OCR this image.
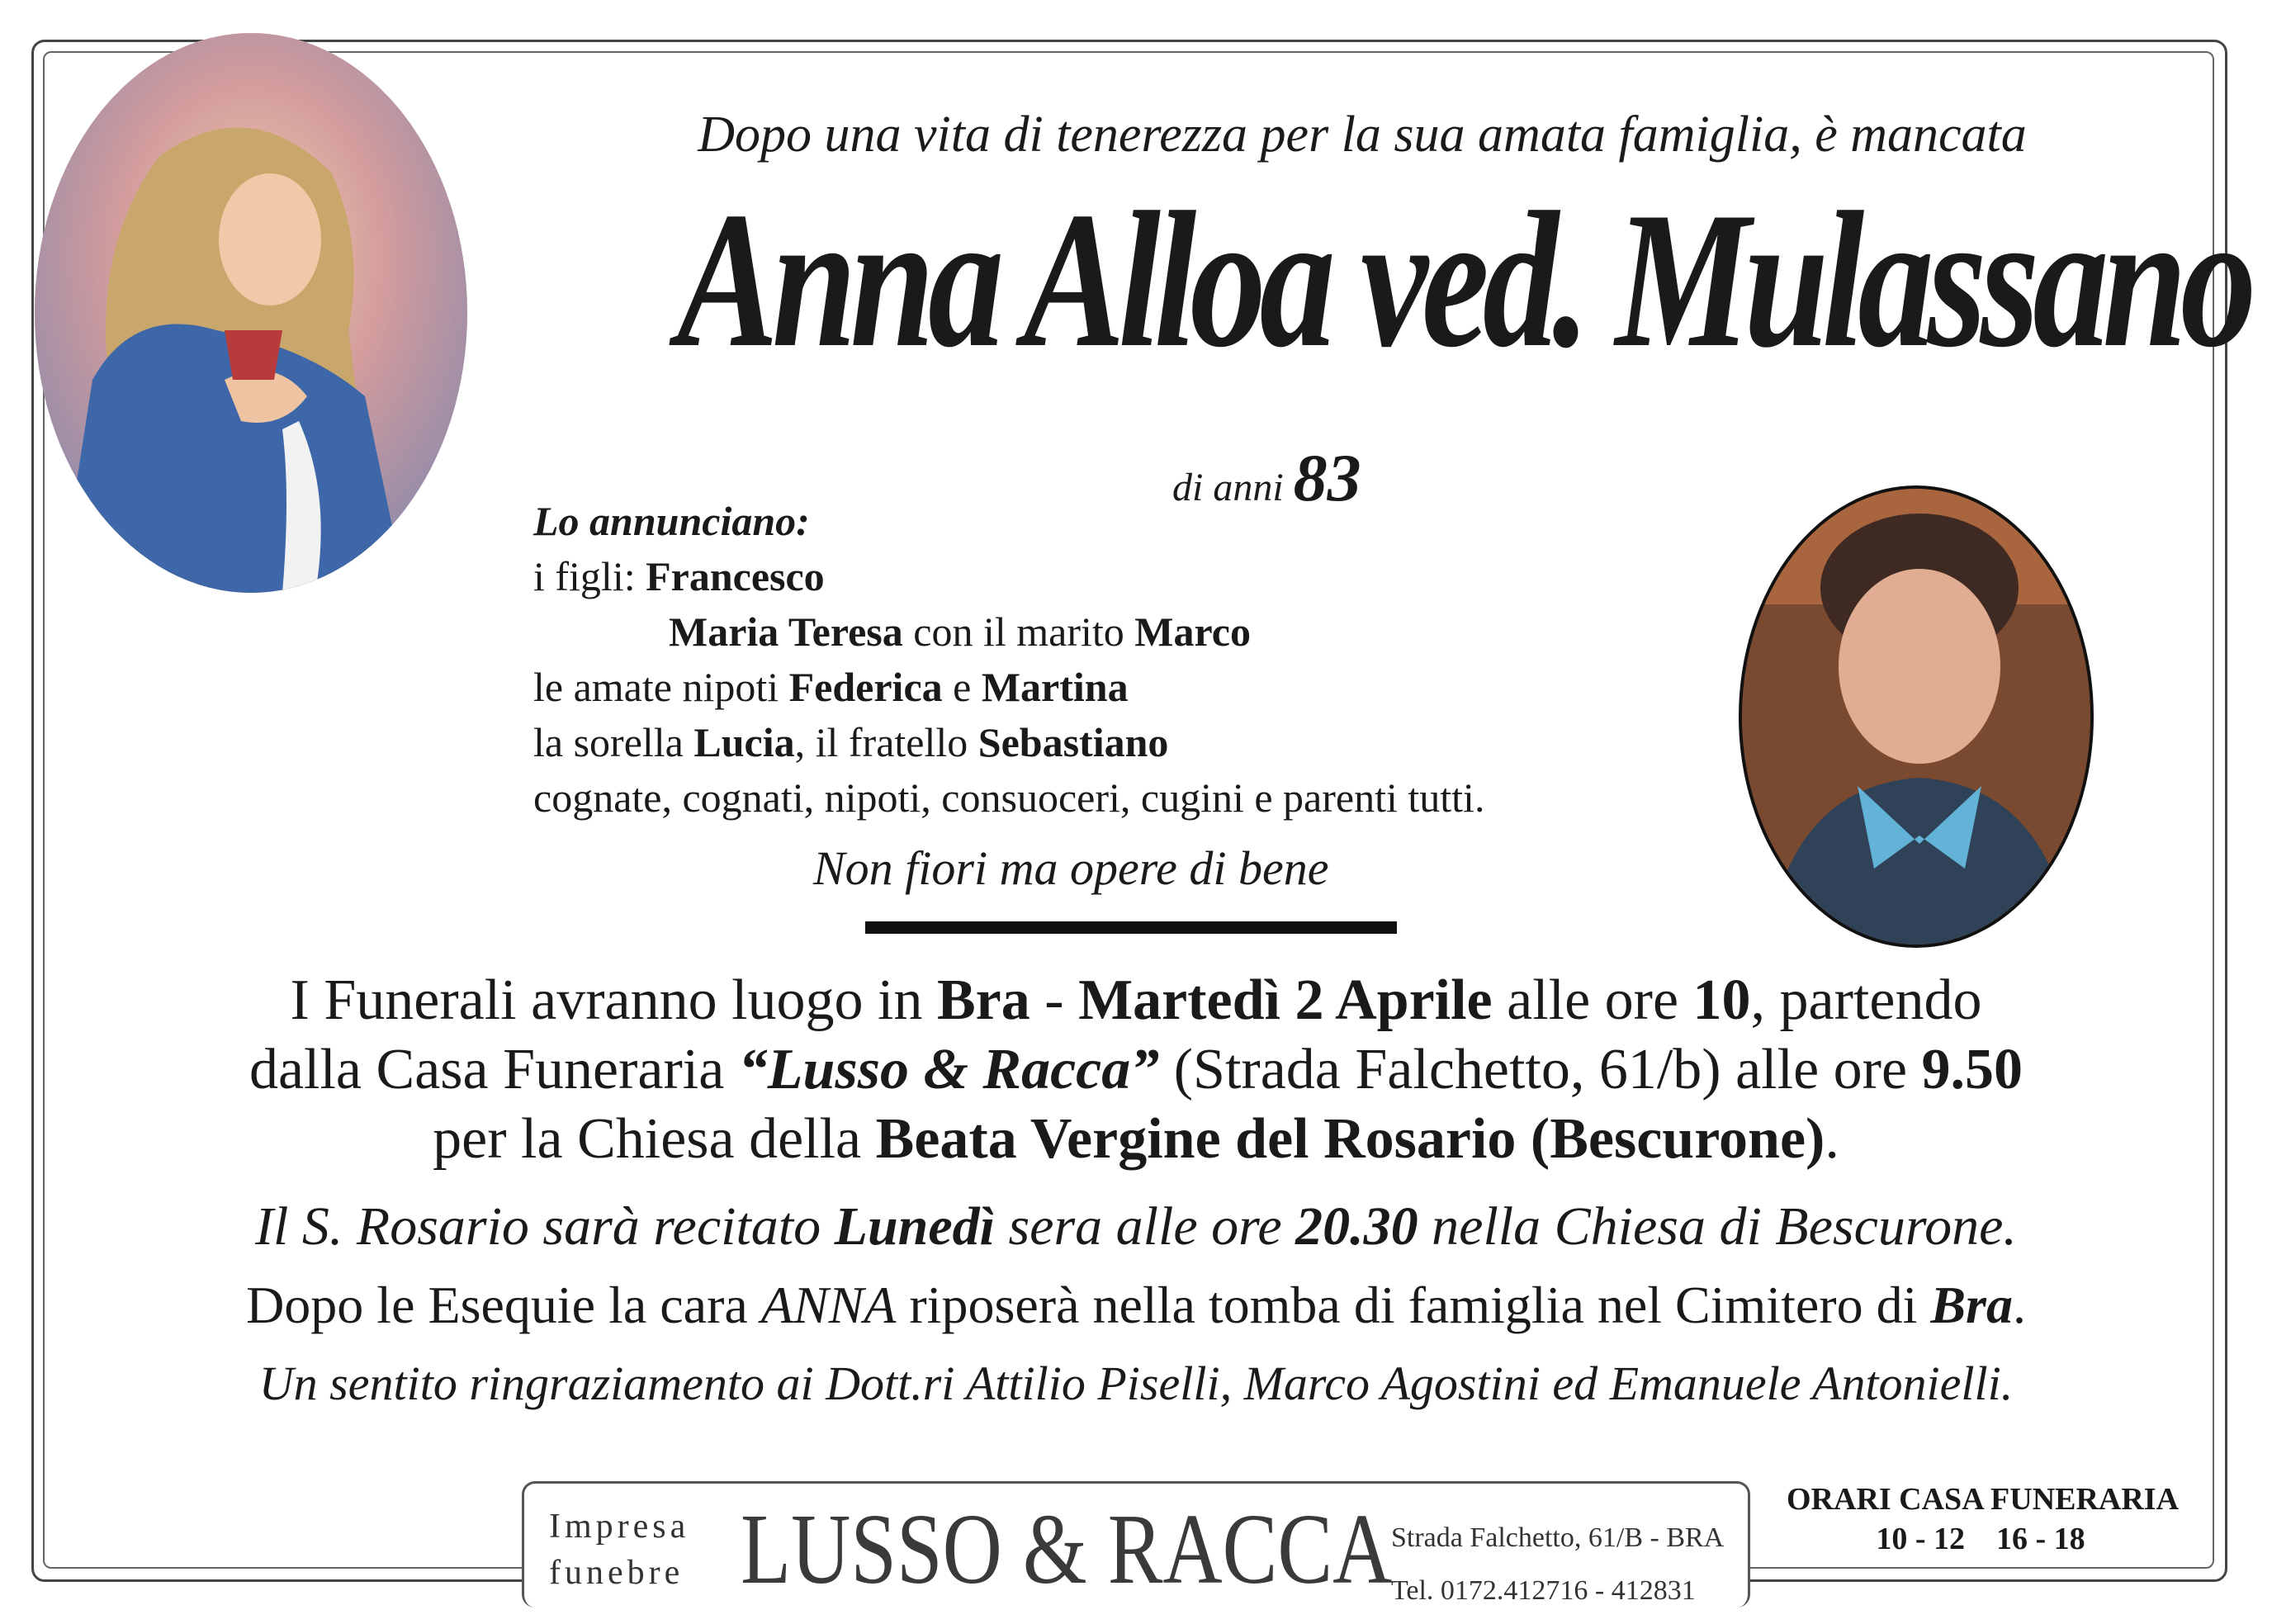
Dopo una vita di tenerezza per la sua amata famiglia, è mancata
Anna Alloa ved. Mulassano
di anni 83
Lo annunciano:
i figli: Francesco
Maria Teresa con il marito Marco
le amate nipoti Federica e Martina
la sorella Lucia, il fratello Sebastiano
cognate, cognati, nipoti, consuoceri, cugini e parenti tutti.
Non fiori ma opere di bene
I Funerali avranno luogo in Bra - Martedì 2 Aprile alle ore 10, partendo
dalla Casa Funeraria “Lusso & Racca” (Strada Falchetto, 61/b) alle ore 9.50
per la Chiesa della Beata Vergine del Rosario (Bescurone).
Il S. Rosario sarà recitato Lunedì sera alle ore 20.30 nella Chiesa di Bescurone.
Dopo le Esequie la cara ANNA riposerà nella tomba di famiglia nel Cimitero di Bra.
Un sentito ringraziamento ai Dott.ri Attilio Piselli, Marco Agostini ed Emanuele Antonielli.
Impresa
funebre LUSSO & RACCA
Strada Falchetto, 61/B - BRA
Tel. 0172.412716 - 412831
ORARI CASA FUNERARIA
10 - 12    16 - 18
